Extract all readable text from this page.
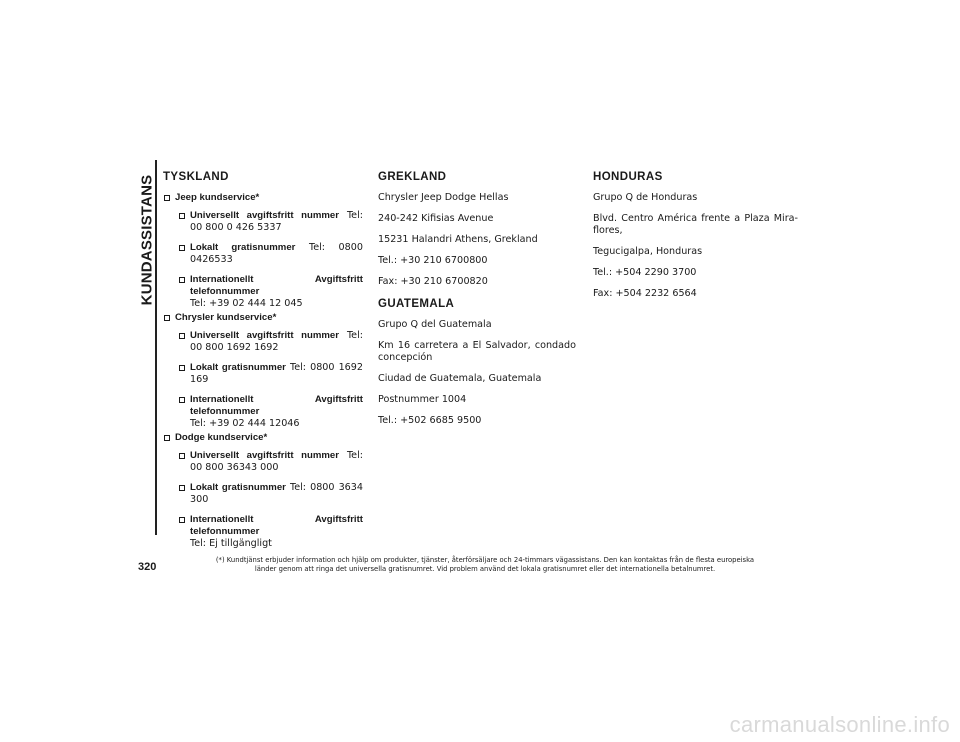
KUNDASSISTANS TYSKLAND
Jeep kundservice*
Universellt avgiftsfritt nummer Tel: 00 800 0 426 5337
Lokalt gratisnummer Tel: 0800 0426533
Internationellt Avgiftsfritt telefonnummer
Tel: +39 02 444 12 045
Chrysler kundservice*
Universellt avgiftsfritt nummer Tel: 00 800 1692 1692
Lokalt gratisnummer Tel: 0800 1692 169
Internationellt Avgiftsfritt telefonnummer
Tel: +39 02 444 12046
Dodge kundservice*
Universellt avgiftsfritt nummer Tel: 00 800 36343 000
Lokalt gratisnummer Tel: 0800 3634 300
Internationellt Avgiftsfritt telefonnummer
Tel: Ej tillgängligt
GREKLAND

Chrysler Jeep Dodge Hellas

240-242 Kifisias Avenue

15231 Halandri Athens, Grekland

Tel.: +30 210 6700800

Fax: +30 210 6700820

GUATEMALA

Grupo Q del Guatemala

Km 16 carretera a El Salvador, condado concepción

Ciudad de Guatemala, Guatemala

Postnummer 1004

Tel.: +502 6685 9500

HONDURAS

Grupo Q de Honduras

Blvd. Centro América frente a Plaza Mira-flores,

Tegucigalpa, Honduras

Tel.: +504 2290 3700

Fax: +504 2232 6564

320
(*) Kundtjänst erbjuder information och hjälp om produkter, tjänster, återförsäljare och 24-timmars vägassistans. Den kan kontaktas från de flesta europeiska
länder genom att ringa det universella gratisnumret. Vid problem använd det lokala gratisnumret eller det internationella betalnumret.
carmanualsonline.info
